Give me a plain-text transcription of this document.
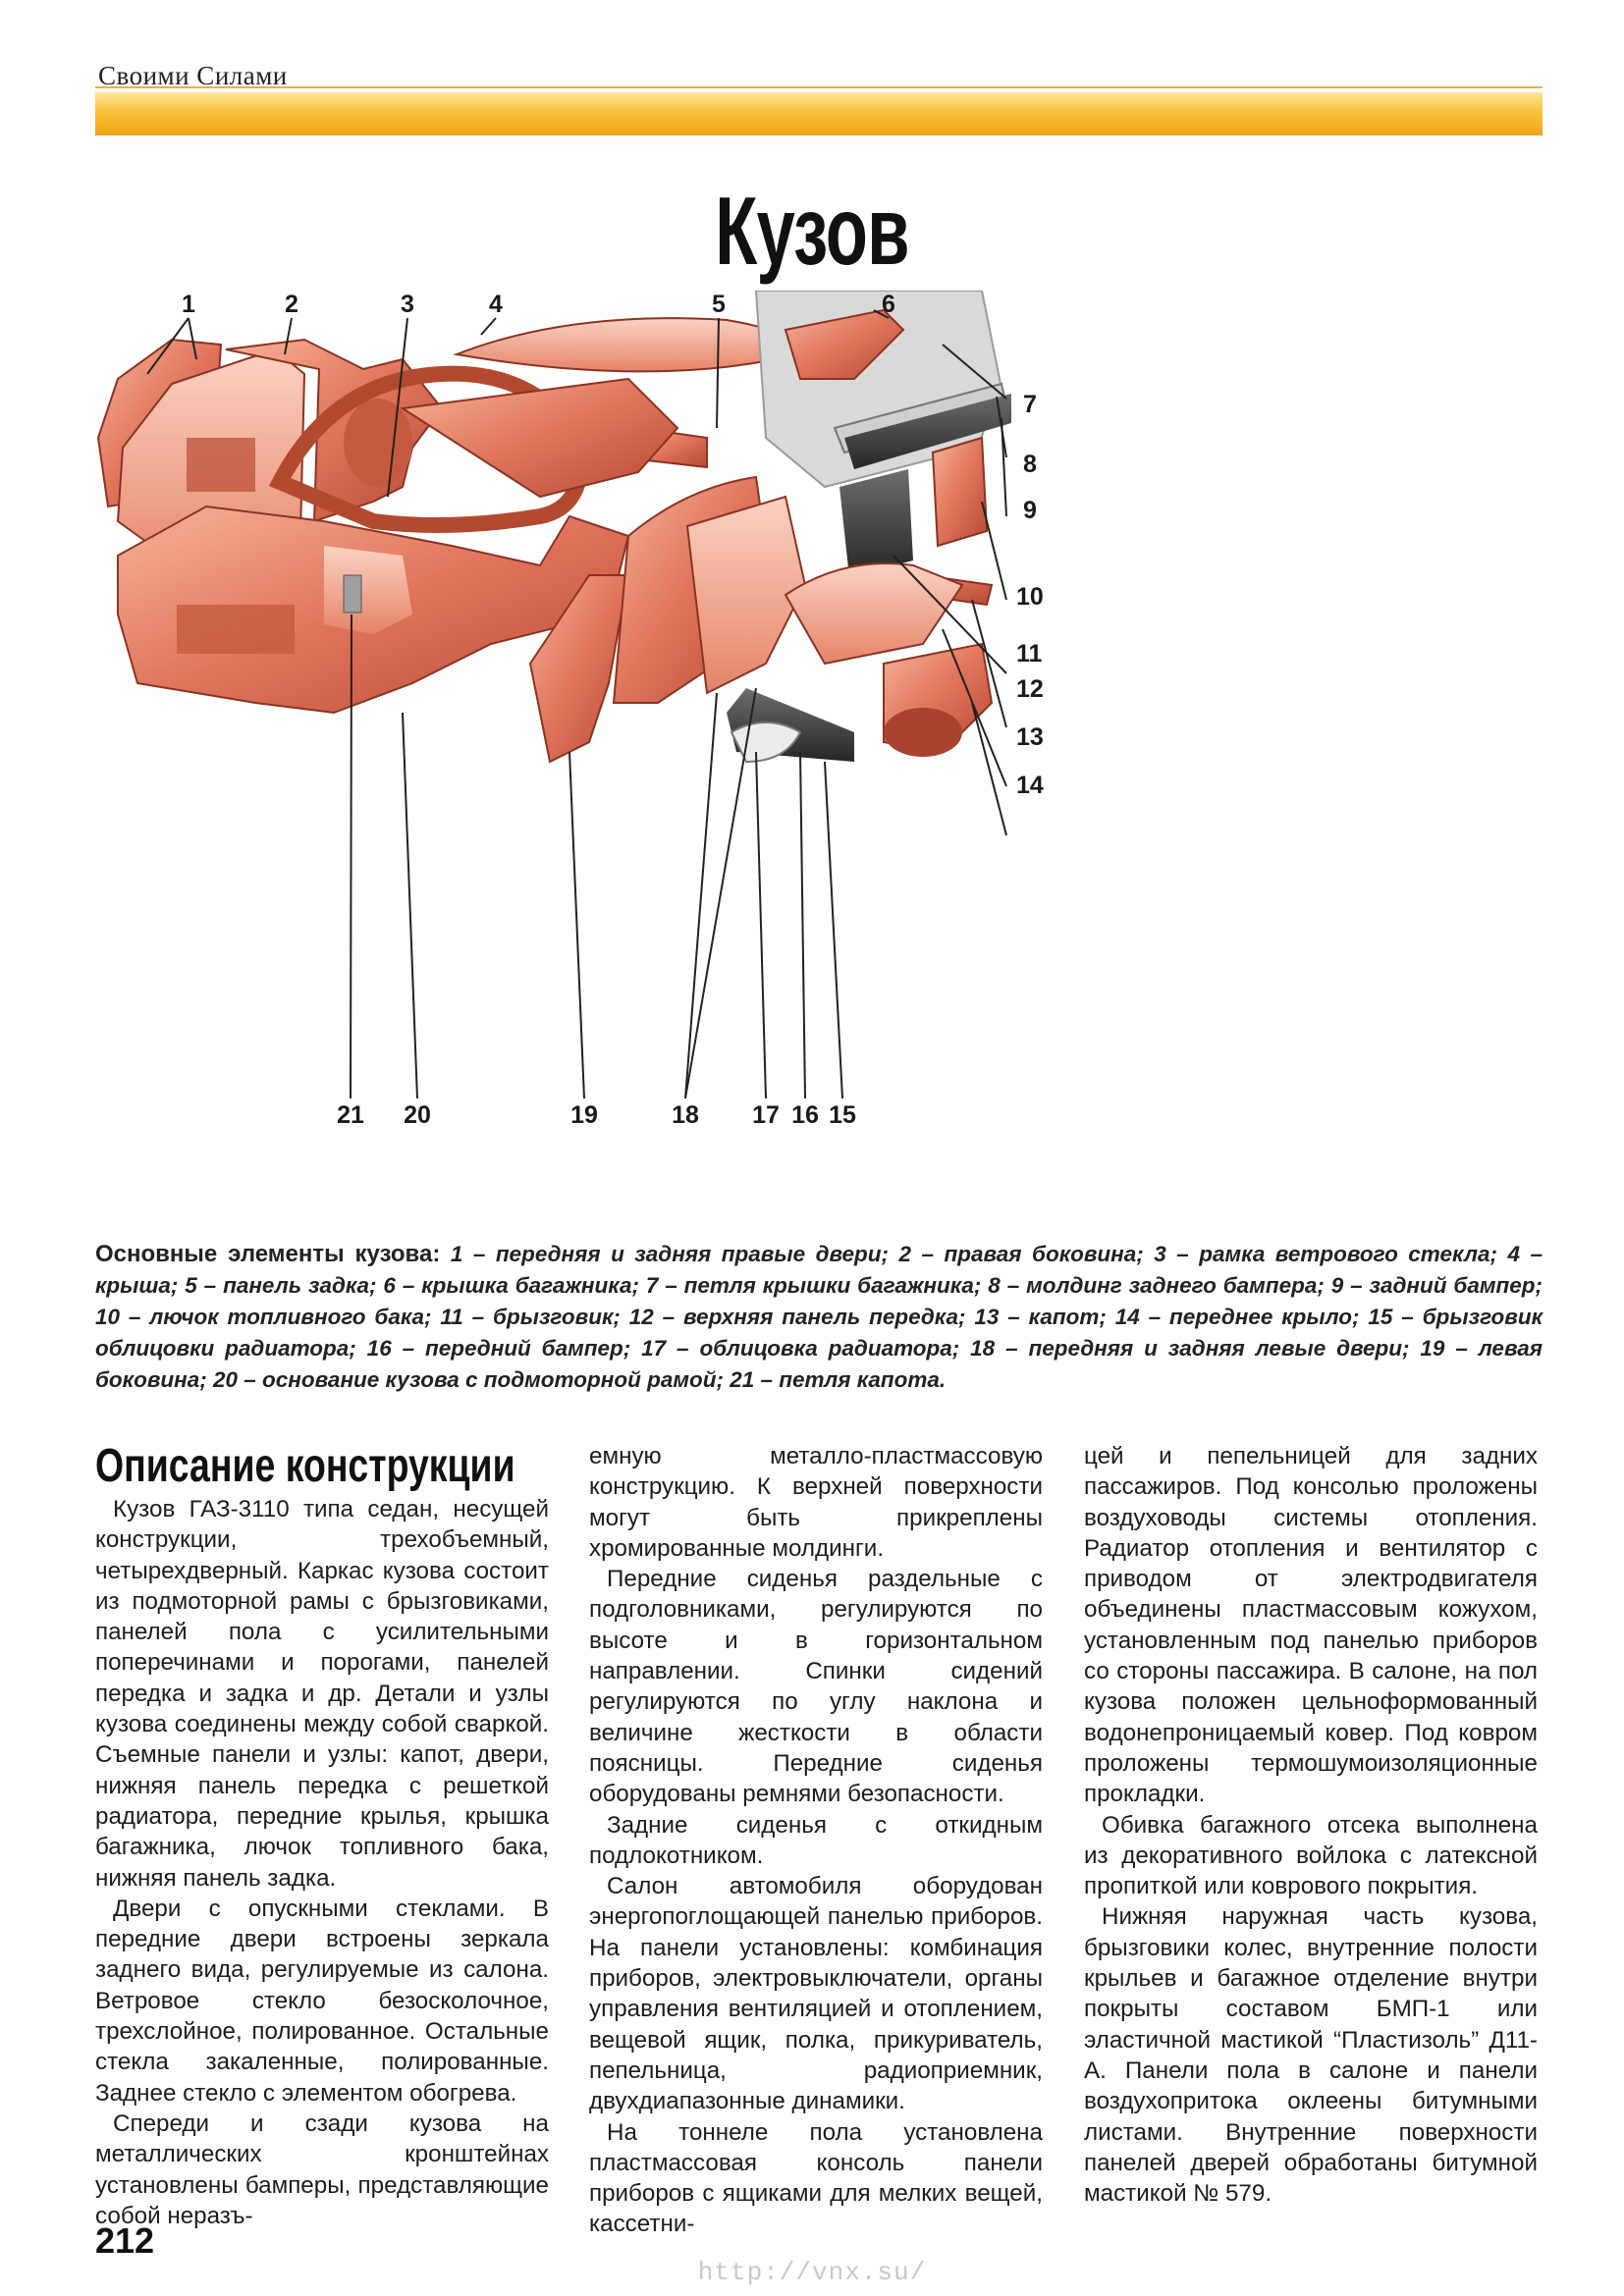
Своими Силами
Кузов
1	2	3	4	5	6
7
8
9
10
11
12
13
14
15
16
17
18
19
20
21
Основные элементы кузова: 1 – передняя и задняя правые двери; 2 – правая боковина; 3 – рамка ветрового стекла; 4 – крыша; 5 – панель задка; 6 – крышка багажника; 7 – петля крышки багажника; 8 – молдинг заднего бампера; 9 – задний бампер; 10 – лючок топливного бака; 11 – брызговик; 12 – верхняя панель передка; 13 – капот; 14 – переднее крыло; 15 – брызговик облицовки радиатора; 16 – передний бампер; 17 – облицовка радиатора; 18 – передняя и задняя левые двери; 19 – левая боковина; 20 – основание кузова с подмоторной рамой; 21 – петля капота.
Описание конструкции

Кузов ГАЗ-3110 типа седан, несущей конструкции, трехобъемный, четырехдверный. Каркас кузова состоит из подмоторной рамы с брызговиками, панелей пола с усилительными поперечинами и порогами, панелей передка и задка и др. Детали и узлы кузова соединены между собой сваркой. Съемные панели и узлы: капот, двери, нижняя панель передка с решеткой радиатора, передние крылья, крышка багажника, лючок топливного бака, нижняя панель задка.

Двери с опускными стеклами. В передние двери встроены зеркала заднего вида, регулируемые из салона. Ветровое стекло безосколочное, трехслойное, полированное. Остальные стекла закаленные, полированные. Заднее стекло с элементом обогрева.

Спереди и сзади кузова на металлических кронштейнах установлены бамперы, представляющие собой неразъ-

емную металло-пластмассовую конструкцию. К верхней поверхности могут быть прикреплены хромированные молдинги.

Передние сиденья раздельные с подголовниками, регулируются по высоте и в горизонтальном направлении. Спинки сидений регулируются по углу наклона и величине жесткости в области поясницы. Передние сиденья оборудованы ремнями безопасности.

Задние сиденья с откидным подлокотником.

Салон автомобиля оборудован энергопоглощающей панелью приборов. На панели установлены: комбинация приборов, электровыключатели, органы управления вентиляцией и отоплением, вещевой ящик, полка, прикуриватель, пепельница, радиоприемник, двухдиапазонные динамики.

На тоннеле пола установлена пластмассовая консоль панели приборов с ящиками для мелких вещей, кассетни-

цей и пепельницей для задних пассажиров. Под консолью проложены воздуховоды системы отопления. Радиатор отопления и вентилятор с приводом от электродвигателя объединены пластмассовым кожухом, установленным под панелью приборов со стороны пассажира. В салоне, на пол кузова положен цельноформованный водонепроницаемый ковер. Под ковром проложены термошумоизоляционные прокладки.

Обивка багажного отсека выполнена из декоративного войлока с латексной пропиткой или коврового покрытия.

Нижняя наружная часть кузова, брызговики колес, внутренние полости крыльев и багажное отделение внутри покрыты составом БМП-1 или эластичной мастикой “Пластизоль” Д11-А. Панели пола в салоне и панели воздухопритока оклеены битумными листами. Внутренние поверхности панелей дверей обработаны битумной мастикой № 579.

212
http://vnx.su/
